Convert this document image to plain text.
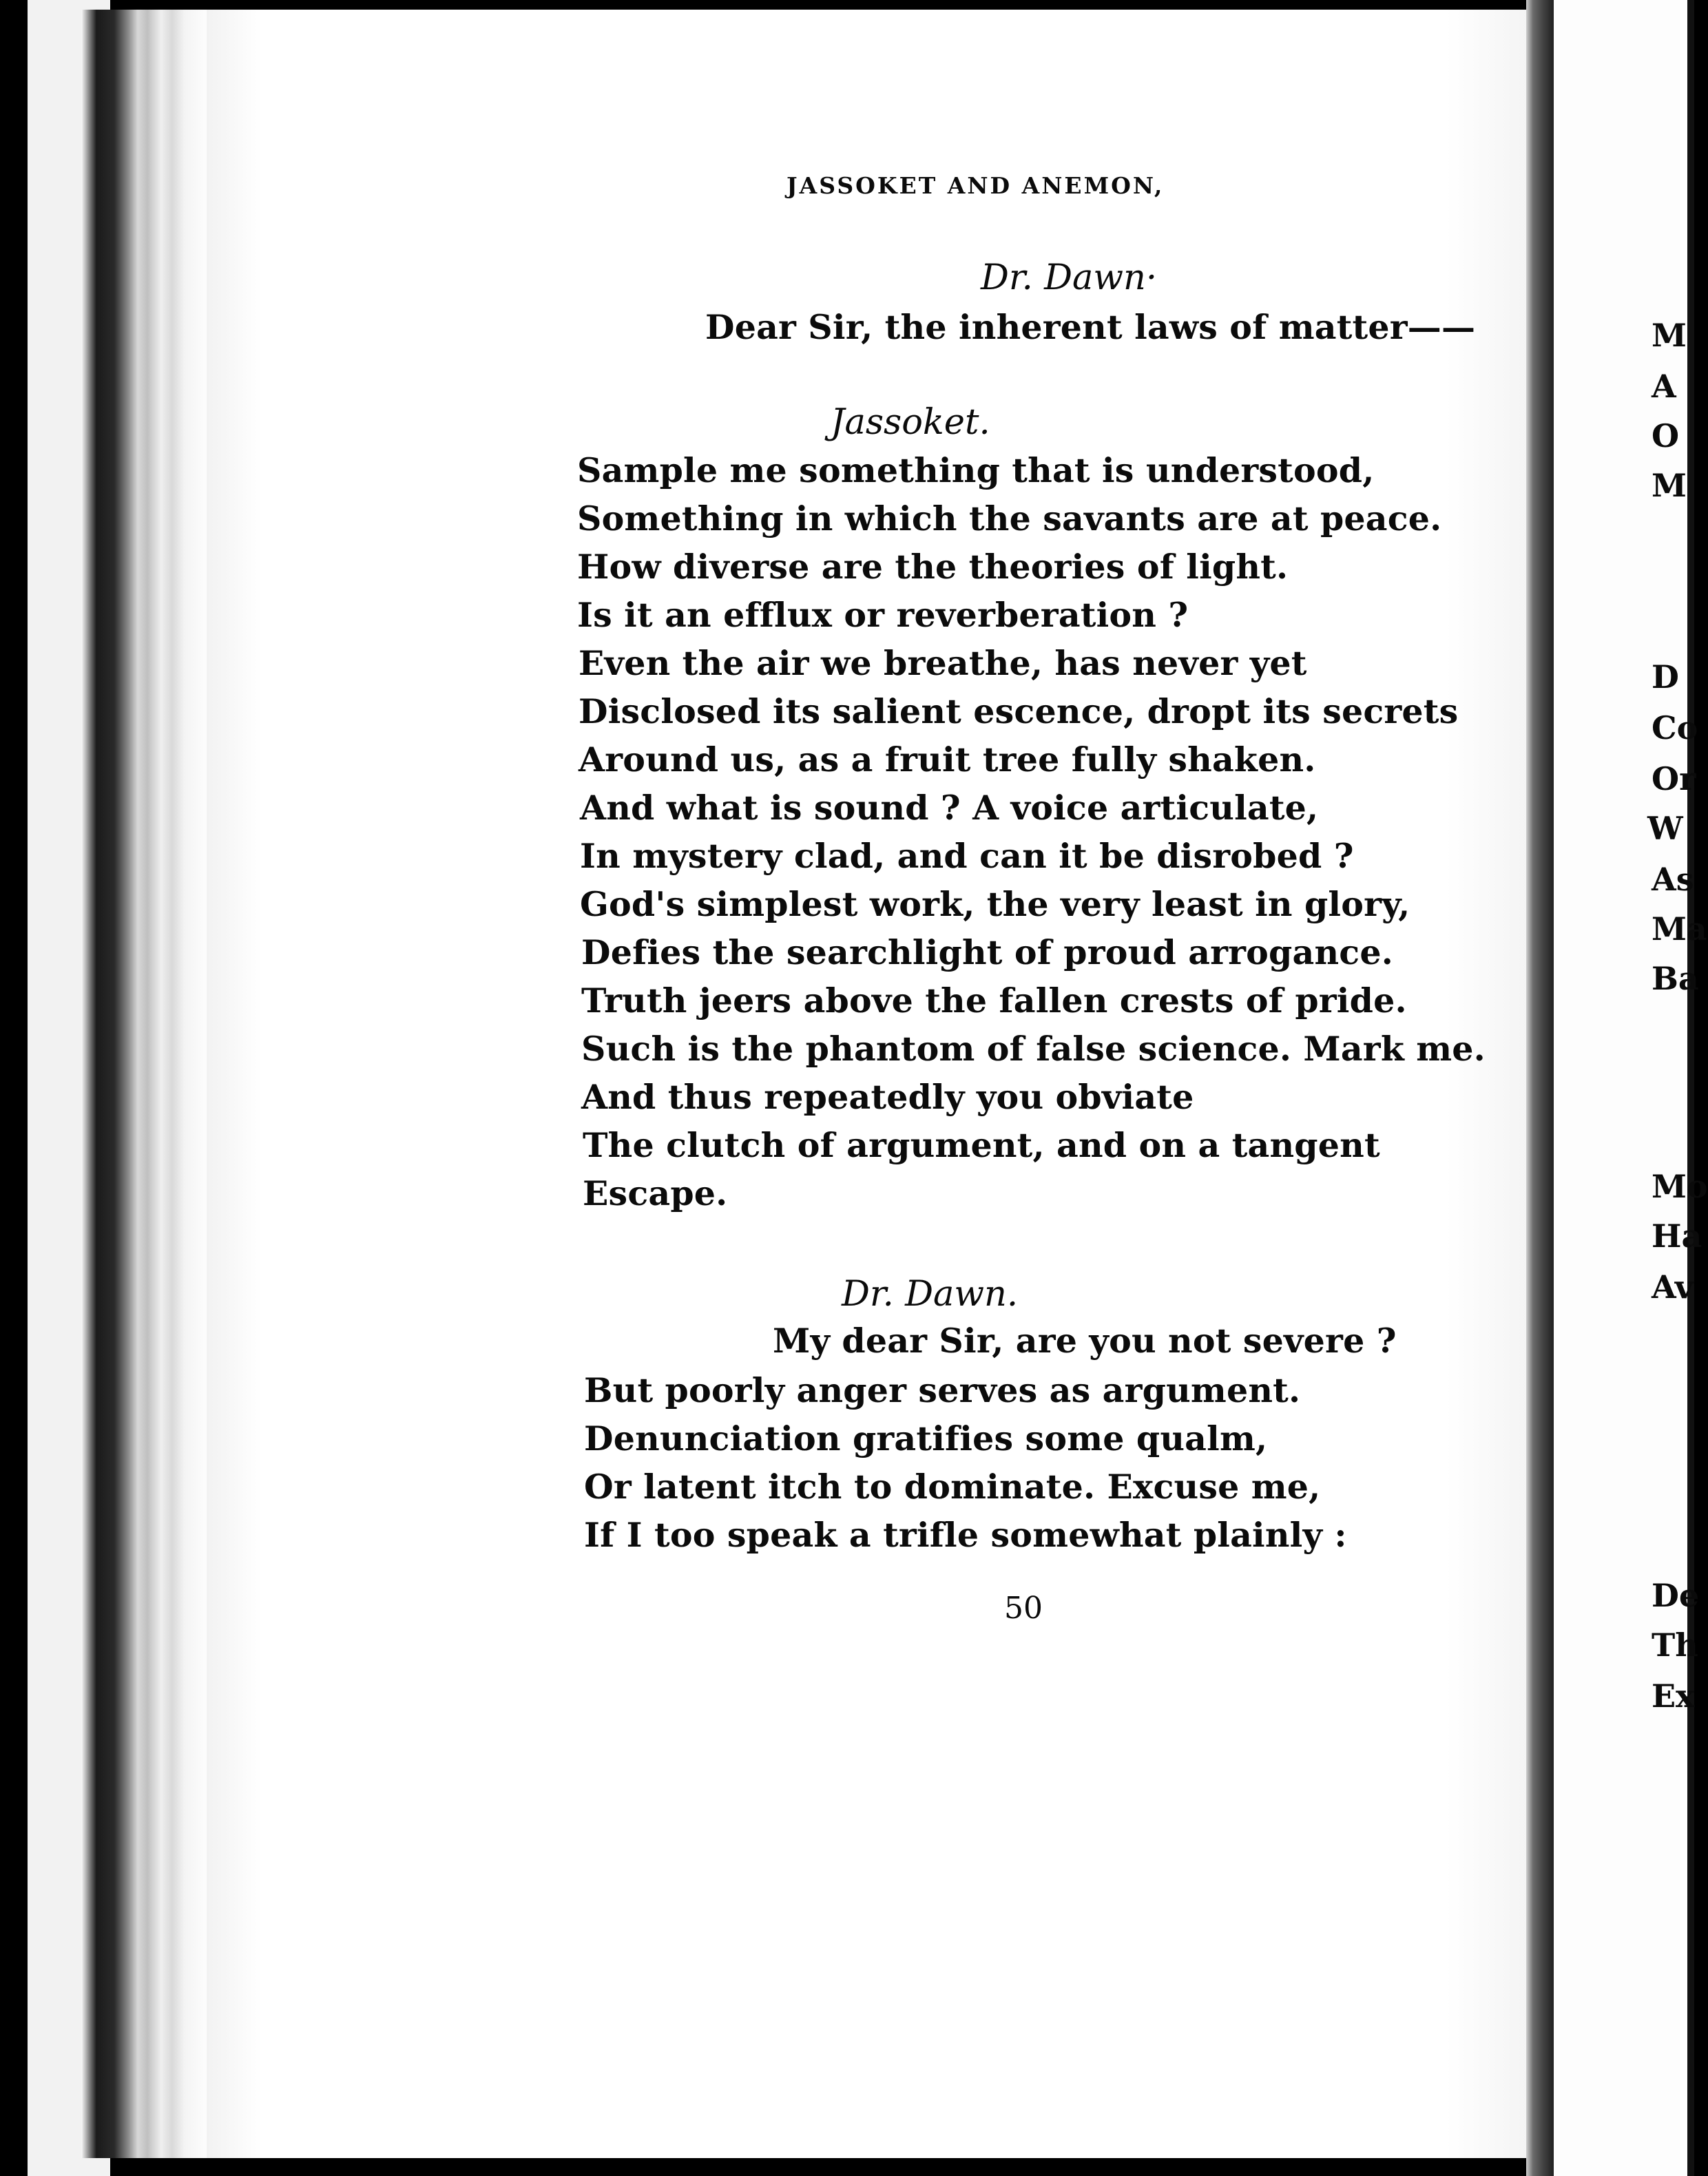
JASSOKET AND ANEMON,
Dr. Dawn·
Dear Sir, the inherent laws of matter——
Jassoket.
Sample me something that is understood,
Something in which the savants are at peace.
How diverse are the theories of light.
Is it an efflux or reverberation ?
Even the air we breathe, has never yet
Disclosed its salient escence, dropt its secrets
Around us, as a fruit tree fully shaken.
And what is sound ? A voice articulate,
In mystery clad, and can it be disrobed ?
God's simplest work, the very least in glory,
Defies the searchlight of proud arrogance.
Truth jeers above the fallen crests of pride.
Such is the phantom of false science. Mark me.
And thus repeatedly you obviate
The clutch of argument, and on a tangent
Escape.
Dr. Dawn.
My dear Sir, are you not severe ?
But poorly anger serves as argument.
Denunciation gratifies some qualm,
Or latent itch to dominate. Excuse me,
If I too speak a trifle somewhat plainly :
50
M
A
O
M
D
Co
Or
W
As
Ma
Ba
Mo
Ha
Av
De
Th
Ex
